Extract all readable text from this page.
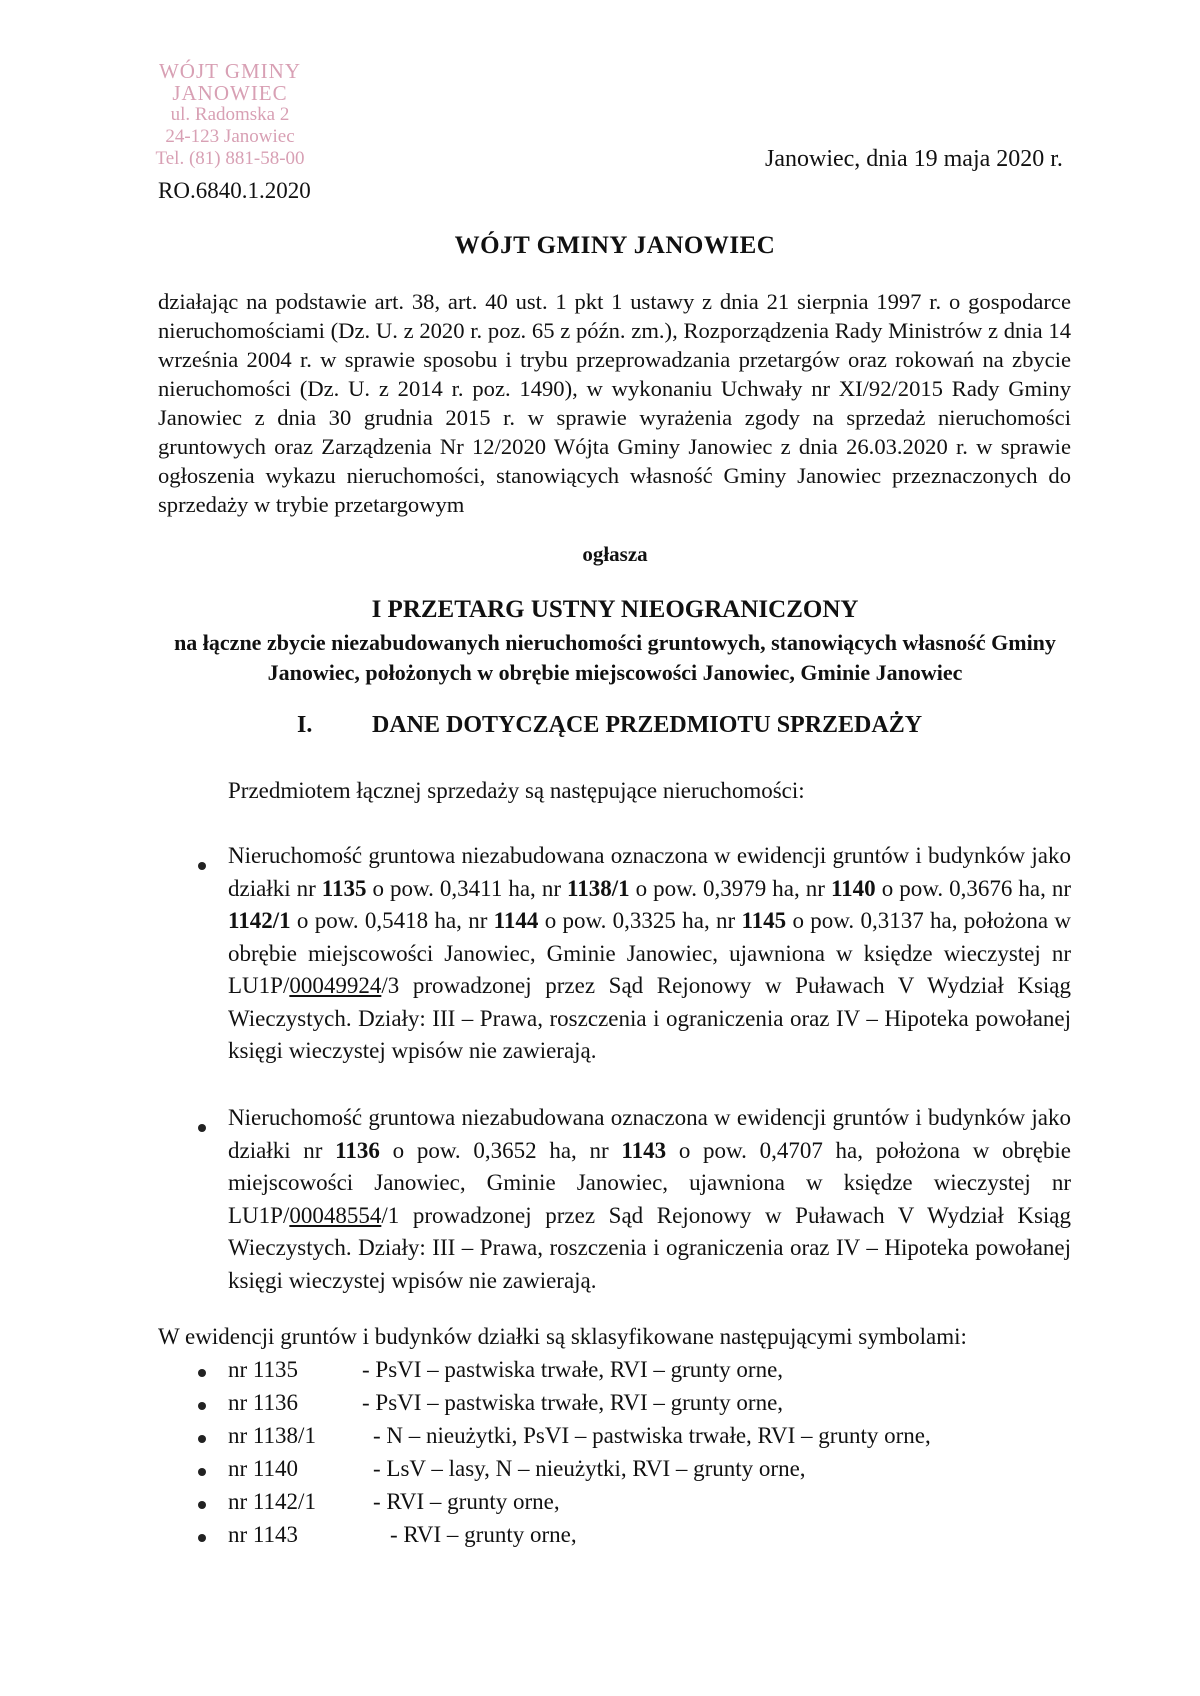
WÓJT GMINY JANOWIEC
ul. Radomska 2
24-123 Janowiec
Tel. (81) 881-58-00	Janowiec, dnia 19 maja 2020 r.
RO.6840.1.2020
WÓJT GMINY JANOWIEC

działając na podstawie art. 38, art. 40 ust. 1 pkt 1 ustawy z dnia 21 sierpnia 1997 r. o gospodarce nieruchomościami (Dz. U. z 2020 r. poz. 65 z późn. zm.), Rozporządzenia Rady Ministrów z dnia 14 września 2004 r. w sprawie sposobu i trybu przeprowadzania przetargów oraz rokowań na zbycie nieruchomości (Dz. U. z 2014 r. poz. 1490), w wykonaniu Uchwały nr XI/92/2015 Rady Gminy Janowiec z dnia 30 grudnia 2015 r. w sprawie wyrażenia zgody na sprzedaż nieruchomości gruntowych oraz Zarządzenia Nr 12/2020 Wójta Gminy Janowiec z dnia 26.03.2020 r. w sprawie ogłoszenia wykazu nieruchomości, stanowiących własność Gminy Janowiec przeznaczonych do sprzedaży w trybie przetargowym

ogłasza
I PRZETARG USTNY NIEOGRANICZONY
na łączne zbycie niezabudowanych nieruchomości gruntowych, stanowiących własność Gminy Janowiec, położonych w obrębie miejscowości Janowiec, Gminie Janowiec
I. DANE DOTYCZĄCE PRZEDMIOTU SPRZEDAŻY
Przedmiotem łącznej sprzedaży są następujące nieruchomości:

Nieruchomość gruntowa niezabudowana oznaczona w ewidencji gruntów i budynków jako działki nr 1135 o pow. 0,3411 ha, nr 1138/1 o pow. 0,3979 ha, nr 1140 o pow. 0,3676 ha, nr 1142/1 o pow. 0,5418 ha, nr 1144 o pow. 0,3325 ha, nr 1145 o pow. 0,3137 ha, położona w obrębie miejscowości Janowiec, Gminie Janowiec, ujawniona w księdze wieczystej nr LU1P/00049924/3 prowadzonej przez Sąd Rejonowy w Puławach V Wydział Ksiąg Wieczystych. Działy: III – Prawa, roszczenia i ograniczenia oraz IV – Hipoteka powołanej księgi wieczystej wpisów nie zawierają.

Nieruchomość gruntowa niezabudowana oznaczona w ewidencji gruntów i budynków jako działki nr 1136 o pow. 0,3652 ha, nr 1143 o pow. 0,4707 ha, położona w obrębie miejscowości Janowiec, Gminie Janowiec, ujawniona w księdze wieczystej nr LU1P/00048554/1 prowadzonej przez Sąd Rejonowy w Puławach V Wydział Ksiąg Wieczystych. Działy: III – Prawa, roszczenia i ograniczenia oraz IV – Hipoteka powołanej księgi wieczystej wpisów nie zawierają.

W ewidencji gruntów i budynków działki są sklasyfikowane następującymi symbolami:
nr 1135	- PsVI – pastwiska trwałe, RVI – grunty orne,
nr 1136	- PsVI – pastwiska trwałe, RVI – grunty orne,
nr 1138/1 - N – nieużytki, PsVI – pastwiska trwałe, RVI – grunty orne,
nr 1140	- LsV – lasy, N – nieużytki, RVI – grunty orne,
nr 1142/1 - RVI – grunty orne,
nr 1143	- RVI – grunty orne,
